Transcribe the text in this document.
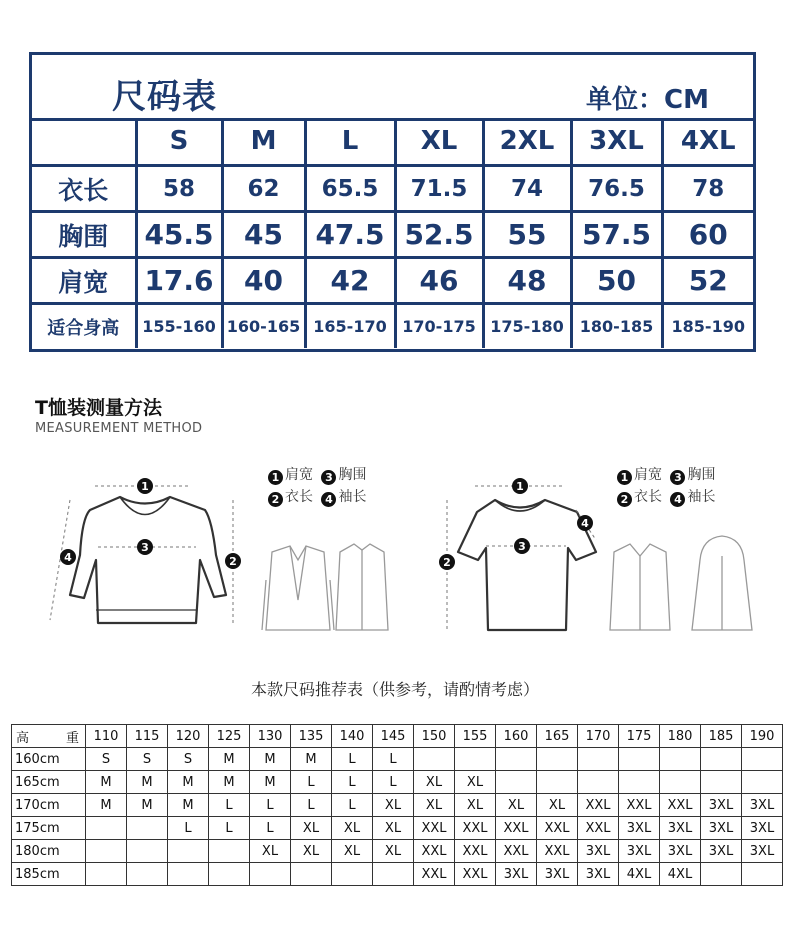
尺码表	单位：CM
	S	M	L	XL	2XL	3XL	4XL
衣长	58	62	65.5	71.5	74	76.5	78
胸围	45.5	45	47.5	52.5	55	57.5	60
肩宽	17.6	40	42	46	48	50	52
适合身高	155-160	160-165	165-170	170-175	175-180	180-185	185-190
T恤装测量方法
MEASUREMENT METHOD
1 肩宽 3 胸围
2 衣长 4 袖长
1 肩宽 3 胸围
2 衣长 4 袖长
1
3
2
4
1
3
2
4
本款尺码推荐表（供参考，请酌情考虑）
高 重	110	115	120	125	130	135	140	145	150	155	160	165	170	175	180	185	190
160cm	S	S	S	M	M	M	L	L									
165cm	M	M	M	M	M	L	L	L	XL	XL							
170cm	M	M	M	L	L	L	L	XL	XL	XL	XL	XL	XXL	XXL	XXL	3XL	3XL
175cm			L	L	L	XL	XL	XL	XXL	XXL	XXL	XXL	XXL	3XL	3XL	3XL	3XL
180cm					XL	XL	XL	XL	XXL	XXL	XXL	XXL	3XL	3XL	3XL	3XL	3XL
185cm									XXL	XXL	3XL	3XL	3XL	4XL	4XL		
